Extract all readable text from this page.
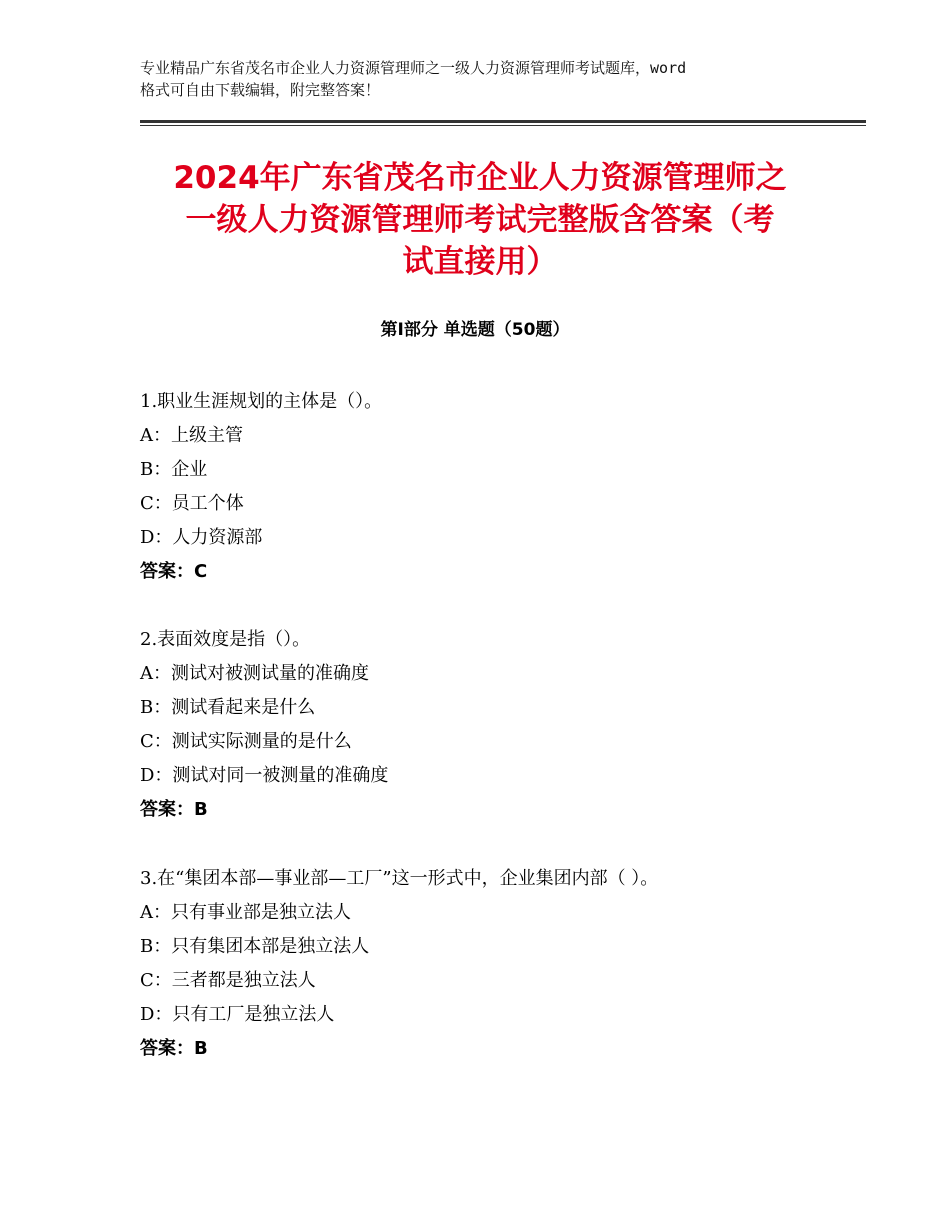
专业精品广东省茂名市企业人力资源管理师之一级人力资源管理师考试题库，word

格式可自由下载编辑，附完整答案！

2024年广东省茂名市企业人力资源管理师之
一级人力资源管理师考试完整版含答案（考
试直接用）
第Ⅰ部分 单选题（50题）
1.职业生涯规划的主体是（）。
A：上级主管
B：企业
C：员工个体
D：人力资源部
答案：C
2.表面效度是指（）。
A：测试对被测试量的准确度
B：测试看起来是什么
C：测试实际测量的是什么
D：测试对同一被测量的准确度
答案：B
3.在“集团本部—事业部—工厂”这一形式中，企业集团内部（ ）。
A：只有事业部是独立法人
B：只有集团本部是独立法人
C：三者都是独立法人
D：只有工厂是独立法人
答案：B
